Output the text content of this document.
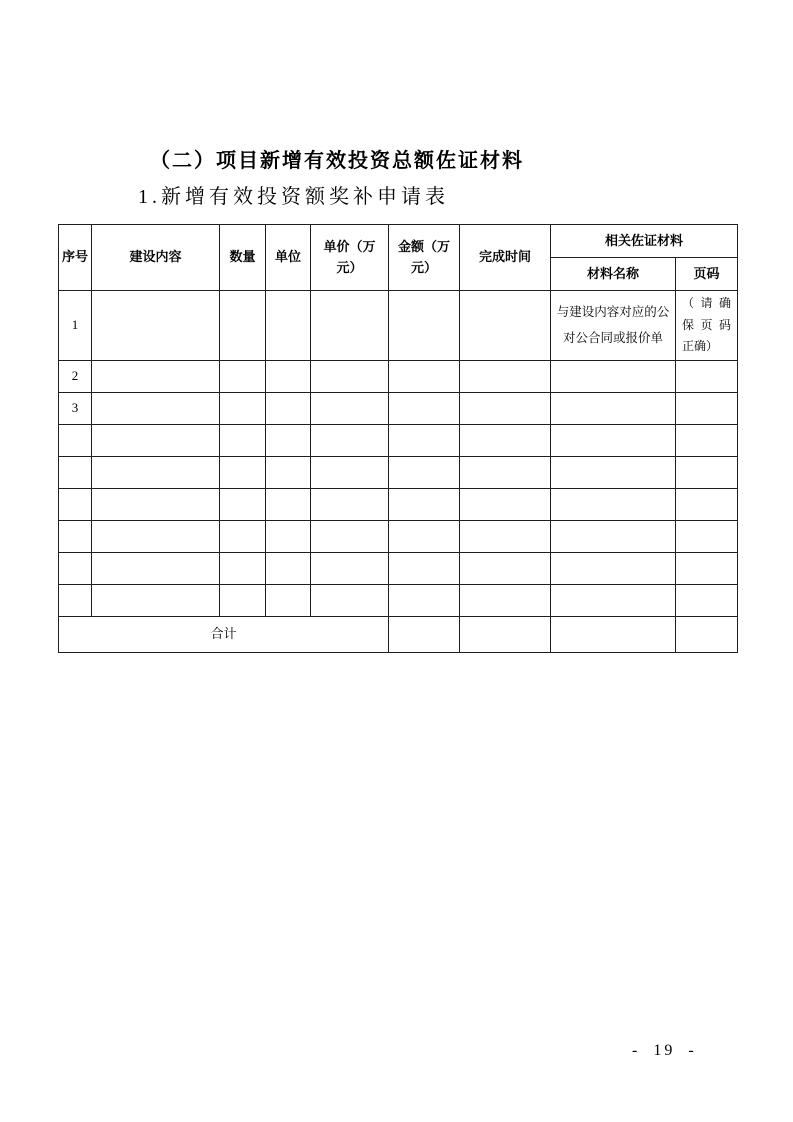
（二）项目新增有效投资总额佐证材料

1.新增有效投资额奖补申请表

序号	建设内容	数量	单位	单价（万元）	金额（万元）	完成时间	相关佐证材料	
							材料名称	页码
1							与建设内容对应的公对公合同或报价单	（请确
保页码
正确）

2								
3								

合计								
- 19 -
